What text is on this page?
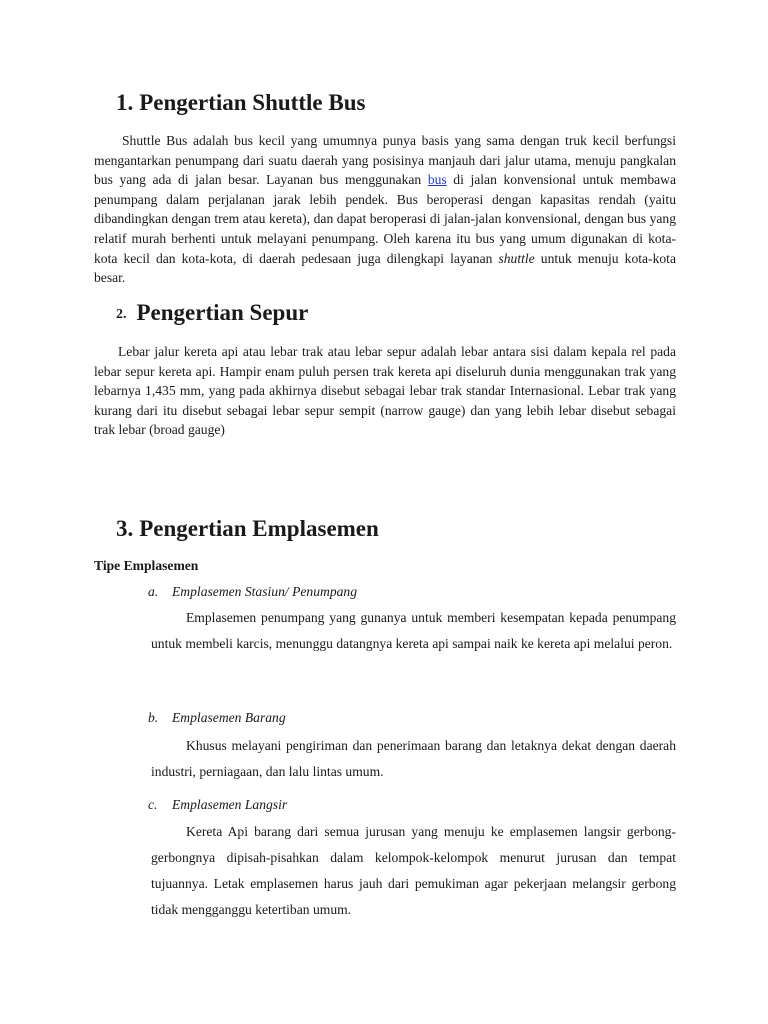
1. Pengertian Shuttle Bus

Shuttle Bus adalah bus kecil yang umumnya punya basis yang sama dengan truk kecil berfungsi mengantarkan penumpang dari suatu daerah yang posisinya manjauh dari jalur utama, menuju pangkalan bus yang ada di jalan besar. Layanan bus menggunakan bus di jalan konvensional untuk membawa penumpang dalam perjalanan jarak lebih pendek. Bus beroperasi dengan kapasitas rendah (yaitu dibandingkan dengan trem atau kereta), dan dapat beroperasi di jalan-jalan konvensional, dengan bus yang relatif murah berhenti untuk melayani penumpang. Oleh karena itu bus yang umum digunakan di kota-kota kecil dan kota-kota, di daerah pedesaan juga dilengkapi layanan shuttle untuk menuju kota-kota besar.

2. Pengertian Sepur

Lebar jalur kereta api atau lebar trak atau lebar sepur adalah lebar antara sisi dalam kepala rel pada lebar sepur kereta api. Hampir enam puluh persen trak kereta api diseluruh dunia menggunakan trak yang lebarnya 1,435 mm, yang pada akhirnya disebut sebagai lebar trak standar Internasional. Lebar trak yang kurang dari itu disebut sebagai lebar sepur sempit (narrow gauge) dan yang lebih lebar disebut sebagai trak lebar (broad gauge)

3. Pengertian Emplasemen

Tipe Emplasemen

a. Emplasemen Stasiun/ Penumpang

Emplasemen penumpang yang gunanya untuk memberi kesempatan kepada penumpang untuk membeli karcis, menunggu datangnya kereta api sampai naik ke kereta api melalui peron.

b. Emplasemen Barang

Khusus melayani pengiriman dan penerimaan barang dan letaknya dekat dengan daerah industri, perniagaan, dan lalu lintas umum.

c. Emplasemen Langsir

Kereta Api barang dari semua jurusan yang menuju ke emplasemen langsir gerbong-gerbongnya dipisah-pisahkan dalam kelompok-kelompok menurut jurusan dan tempat tujuannya. Letak emplasemen harus jauh dari pemukiman agar pekerjaan melangsir gerbong tidak mengganggu ketertiban umum.
